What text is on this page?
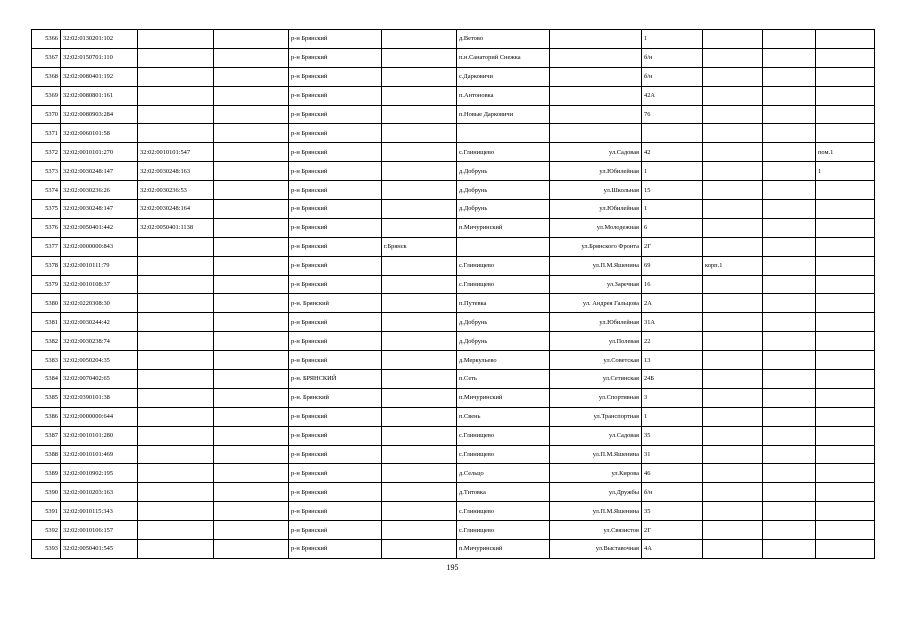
5366	32:02:0130201:102			р-н Брянский		д.Ветово		1			
5367	32:02:0150701:110			р-н Брянский		п.н.Санаторий Снежка		б/н			
5368	32:02:0080401:192			р-н Брянский		с.Дарковичи		б/н			
5369	32:02:0080801:161			р-н Брянский		п.Антоновка		42А			
5370	32:02:0080903:284			р-н Брянский		п.Новые Дарковичи		76			
5371	32:02:0060101:58			р-н Брянский							
5372	32:02:0010101:270	32:02:0010101:547		р-н Брянский		с.Глинищево	ул.Садовая	42			пом.1
5373	32:02:0030248:147	32:02:0030248:163		р-н Брянский		д.Добрунь	ул.Юбилейная	1			1
5374	32:02:0030236:26	32:02:0030236:53		р-н Брянский		д.Добрунь	ул.Школьная	15			
5375	32:02:0030248:147	32:02:0030248:164		р-н Брянский		д.Добрунь	ул.Юбилейная	1			
5376	32:02:0050401:442	32:02:0050401:1138		р-н Брянский		п.Мичуринский	ул.Молодежная	6			
5377	32:02:0000000:843			р-н Брянский	г.Брянск		ул.Брянского Фронта	2Г			
5378	32:02:0010111:79			р-н Брянский		с.Глинищево	ул.П.М.Яшенина	69	корп.1		
5379	32:02:0010108:37			р-н Брянский		с.Глинищево	ул.Заречная	16			
5380	32:02:0220308:30			р-н. Брянский		п.Путевка	ул. Андрея Гальцова	2А			
5381	32:02:0030244:42			р-н Брянский		д.Добрунь	ул.Юбилейная	31А			
5382	32:02:0030238:74			р-н Брянский		д.Добрунь	ул.Полевая	22			
5383	32:02:0050204:35			р-н Брянский		д.Меркульево	ул.Советская	13			
5384	32:02:0070402:65			р-н. БРЯНСКИЙ		п.Сеть	ул.Сетинская	24Б			
5385	32:02:0390101:38			р-н. Брянский		п.Мичуринский	ул.Спортивная	3			
5386	32:02:0000000:644			р-н Брянский		п.Свень	ул.Транспортная	1			
5387	32:02:0010101:280			р-н Брянский		с.Глинищево	ул.Садовая	35			
5388	32:02:0010101:469			р-н Брянский		с.Глинищево	ул.П.М.Яшенина	31			
5389	32:02:0010902:195			р-н Брянский		д.Сельцо	ул.Кирова	46			
5390	32:02:0010203:163			р-н Брянский		д.Титовка	ул.Дружбы	б/н			
5391	32:02:0010115:343			р-н Брянский		с.Глинищево	ул.П.М.Яшенина	35			
5392	32:02:0010106:157			р-н Брянский		с.Глинищево	ул.Связистов	2Г			
5393	32:02:0050401:545			р-н Брянский		п.Мичуринский	ул.Выставочная	4А			
195
